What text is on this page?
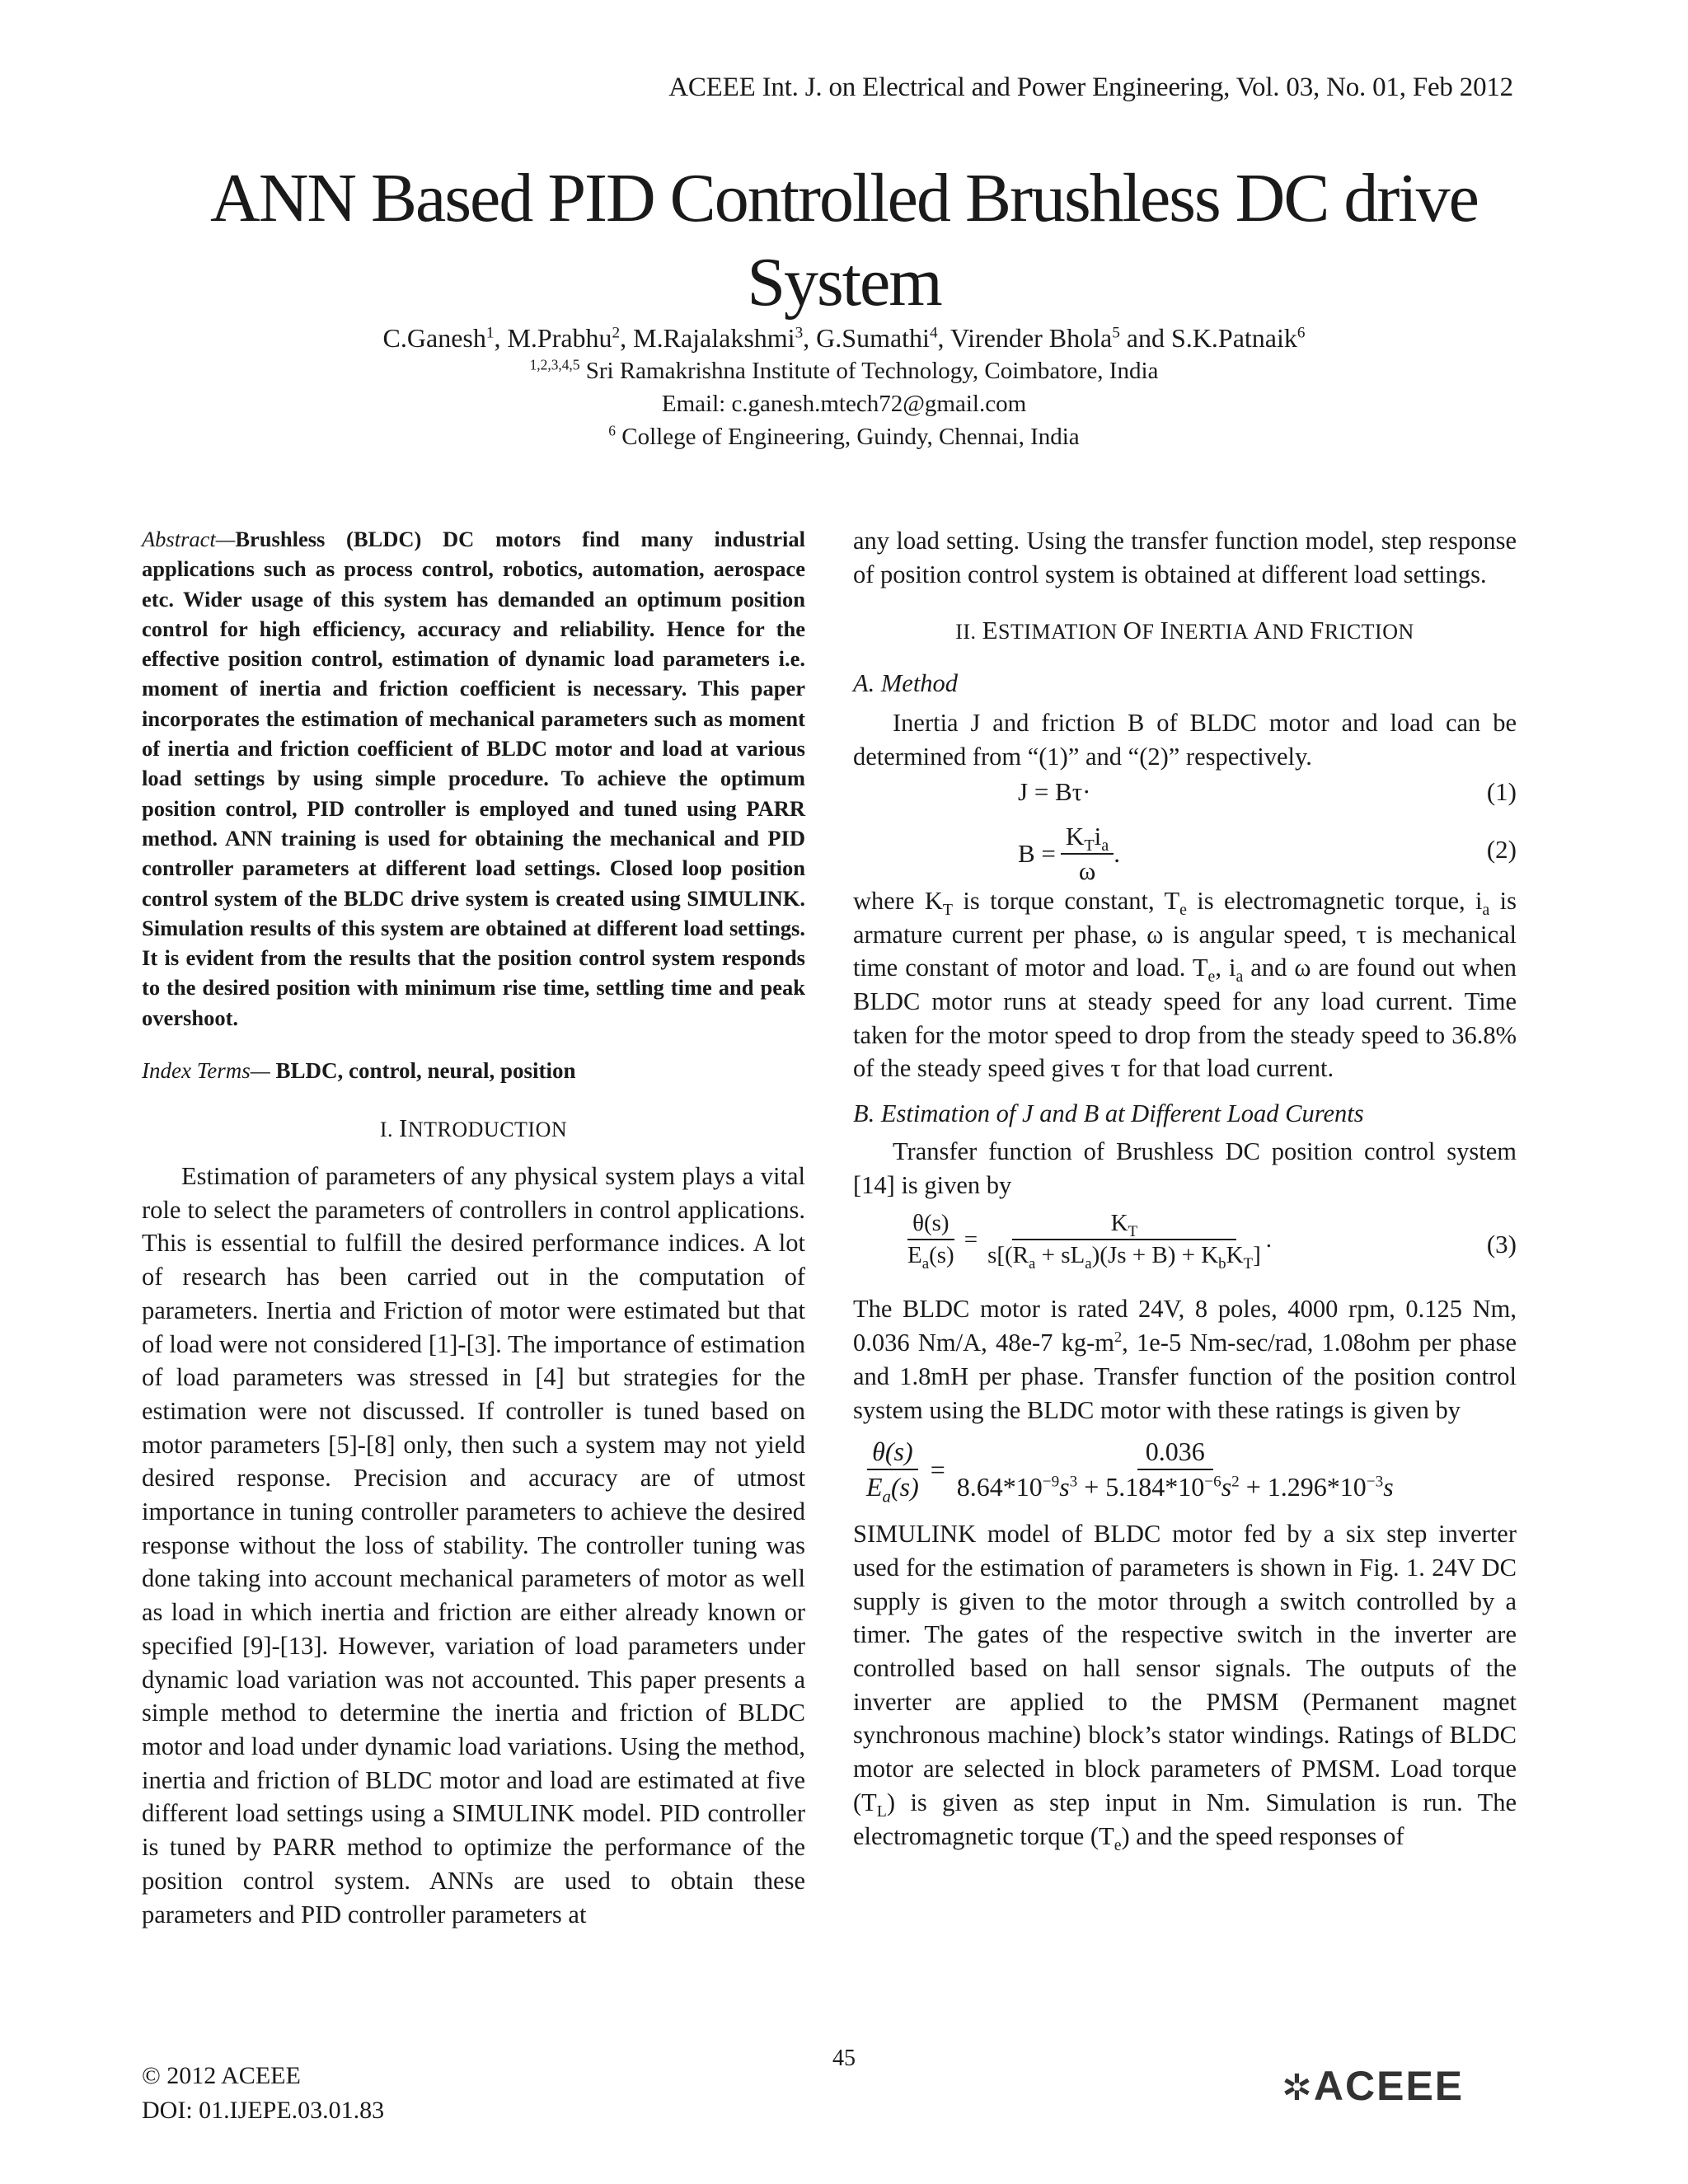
ACEEE Int. J. on Electrical and Power Engineering, Vol. 03, No. 01, Feb 2012
ANN Based PID Controlled Brushless DC drive
System
C.Ganesh$^1$, M.Prabhu$^2$, M.Rajalakshmi$^3$, G.Sumathi$^4$, Virender Bhola$^5$ and S.K.Patnaik$^6$
$^{1,2,3,4,5}$ Sri Ramakrishna Institute of Technology, Coimbatore, India
Email: c.ganesh.mtech72@gmail.com
$^6$ College of Engineering, Guindy, Chennai, India

Abstract—Brushless (BLDC) DC motors find many industrial applications such as process control, robotics, automation, aerospace etc. Wider usage of this system has demanded an optimum position control for high efficiency, accuracy and reliability. Hence for the effective position control, estimation of dynamic load parameters i.e. moment of inertia and friction coefficient is necessary. This paper incorporates the estimation of mechanical parameters such as moment of inertia and friction coefficient of BLDC motor and load at various load settings by using simple procedure. To achieve the optimum position control, PID controller is employed and tuned using PARR method. ANN training is used for obtaining the mechanical and PID controller parameters at different load settings. Closed loop position control system of the BLDC drive system is created using SIMULINK. Simulation results of this system are obtained at different load settings. It is evident from the results that the position control system responds to the desired position with minimum rise time, settling time and peak overshoot.

Index Terms— BLDC, control, neural, position

I. INTRODUCTION

Estimation of parameters of any physical system plays a vital role to select the parameters of controllers in control applications. This is essential to fulfill the desired performance indices. A lot of research has been carried out in the computation of parameters. Inertia and Friction of motor were estimated but that of load were not considered [1]-[3]. The importance of estimation of load parameters was stressed in [4] but strategies for the estimation were not discussed. If controller is tuned based on motor parameters [5]-[8] only, then such a system may not yield desired response. Precision and accuracy are of utmost importance in tuning controller parameters to achieve the desired response without the loss of stability. The controller tuning was done taking into account mechanical parameters of motor as well as load in which inertia and friction are either already known or specified [9]-[13]. However, variation of load parameters under dynamic load variation was not accounted. This paper presents a simple method to determine the inertia and friction of BLDC motor and load under dynamic load variations. Using the method, inertia and friction of BLDC motor and load are estimated at five different load settings using a SIMULINK model. PID controller is tuned by PARR method to optimize the performance of the position control system. ANNs are used to obtain these parameters and PID controller parameters at

any load setting. Using the transfer function model, step response of position control system is obtained at different load settings.

II. ESTIMATION OF INERTIA AND FRICTION

A. Method

Inertia J and friction B of BLDC motor and load can be determined from “(1)” and “(2)” respectively.

J = Bτ·	(1)
$B = \frac{K_Ti_a}{\omega}$ .	(2)

where $K_T$ is torque constant, $T_e$ is electromagnetic torque, $i_a$ is armature current per phase, ω is angular speed, τ is mechanical time constant of motor and load. $T_e$, $i_a$ and ω are found out when BLDC motor runs at steady speed for any load current. Time taken for the motor speed to drop from the steady speed to 36.8% of the steady speed gives τ for that load current.

B. Estimation of J and B at Different Load Curents

Transfer function of Brushless DC position control system [14] is given by

$\frac{\theta(s)}{E_a(s)} = \frac{K_T}{s[(R_a + sL_a)(Js + B) + K_bK_T]}$ .	(3)

The BLDC motor is rated 24V, 8 poles, 4000 rpm, 0.125 Nm, 0.036 Nm/A, 48e-7 $kg-m^2$, 1e-5 Nm-sec/rad, 1.08ohm per phase and 1.8mH per phase. Transfer function of the position control system using the BLDC motor with these ratings is given by

$\frac{\theta(s)}{E_a(s)} = \frac{0.036}{8.64*10^{-9}s^3 + 5.184*10^{-6}s^2 + 1.296*10^{-3}s}$

SIMULINK model of BLDC motor fed by a six step inverter used for the estimation of parameters is shown in Fig. 1. 24V DC supply is given to the motor through a switch controlled by a timer. The gates of the respective switch in the inverter are controlled based on hall sensor signals. The outputs of the inverter are applied to the PMSM (Permanent magnet synchronous machine) block’s stator windings. Ratings of BLDC motor are selected in block parameters of PMSM. Load torque $(T_L)$ is given as step input in Nm. Simulation is run. The electromagnetic torque $(T_e)$ and the speed responses of

© 2012 ACEEE
DOI: 01.IJEPE.03.01.83
45
✲ACEEE
